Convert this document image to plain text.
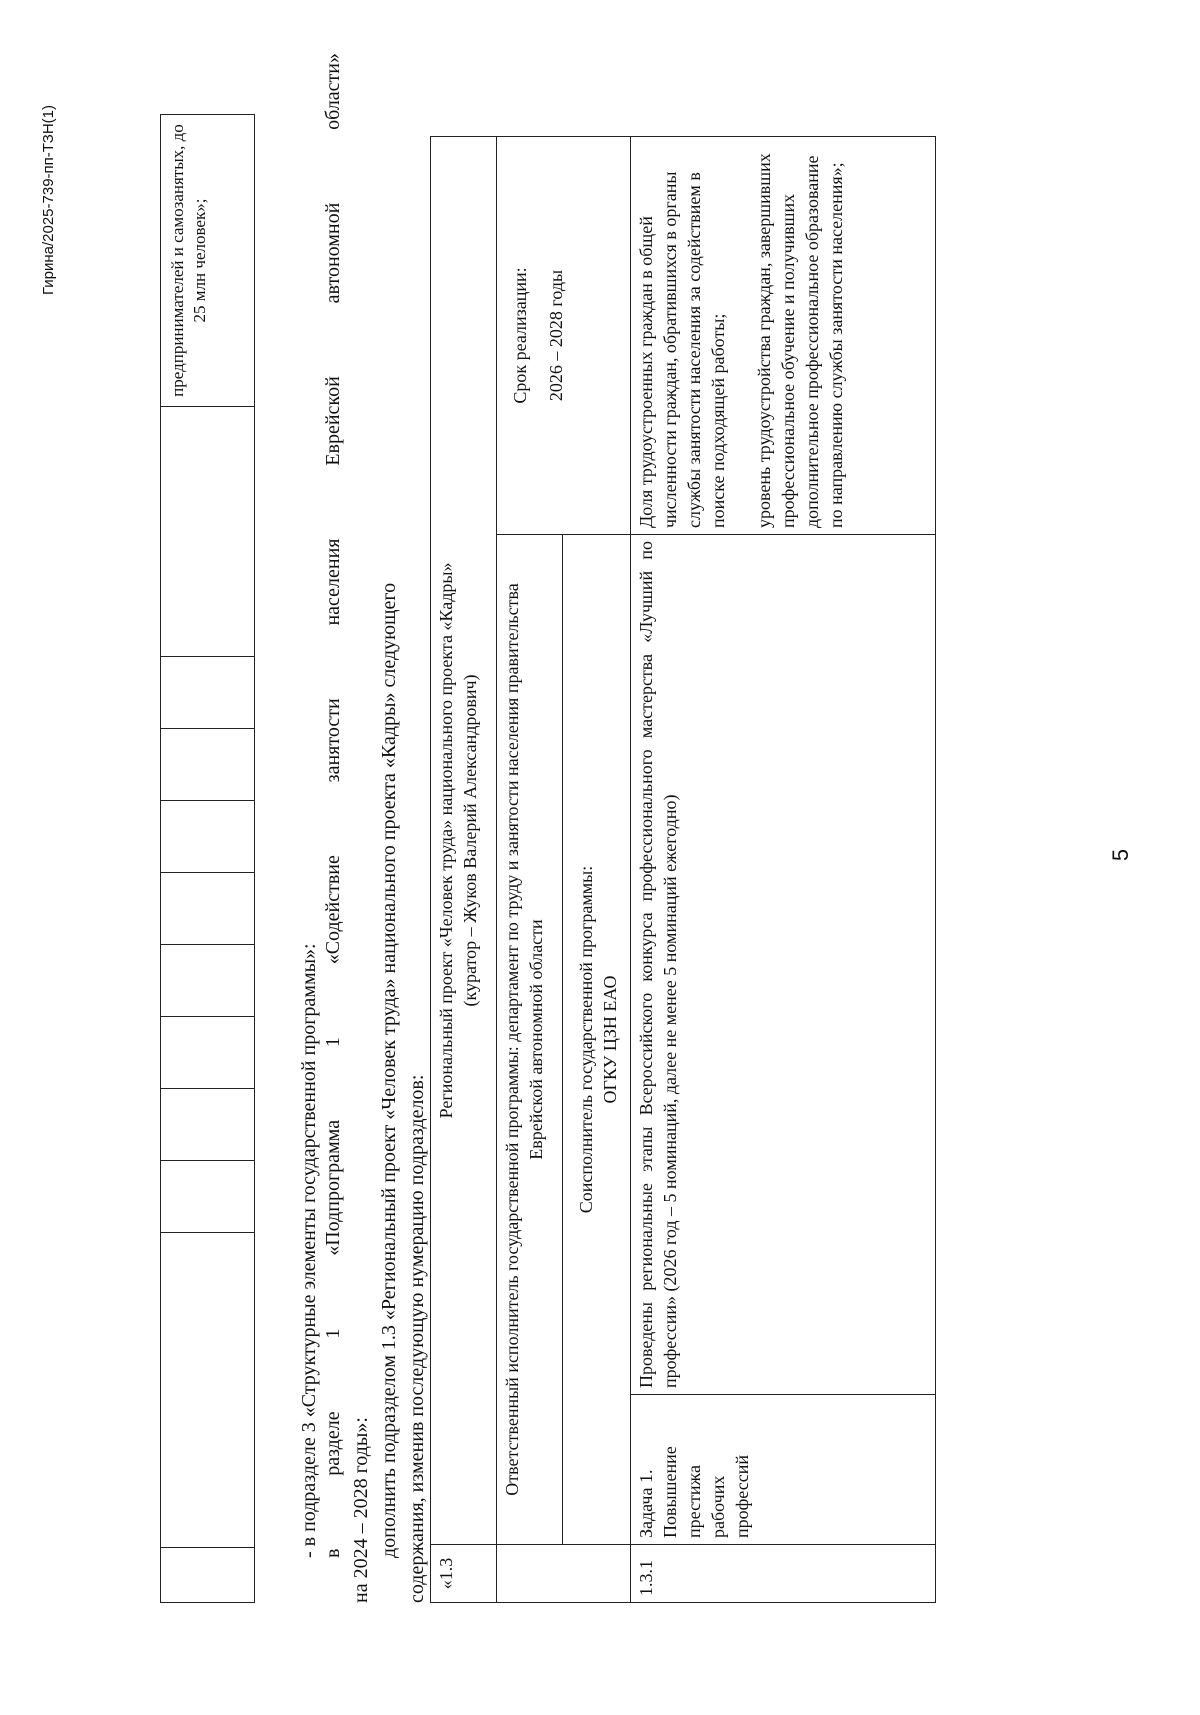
5
											предпринимателей и самозанятых, до 25 млн человек»;

- в подразделе 3 «Структурные элементы государственной программы»: в разделе 1 «Подпрограмма 1 «Содействие занятости населения Еврейской автономной области» на 2024 – 2028 годы»: дополнить подразделом 1.3 «Региональный проект «Человек труда» национального проекта «Кадры» следующего содержания, изменив последующую нумерацию подразделов: «1.3	Региональный проект «Человек труда» национального проекта «Кадры» (куратор – Жуков Валерий Александрович)		

	Ответственный исполнитель государственной программы: департамент по труду и занятости населения правительства Еврейской автономной области		Срок реализации: 2026 – 2028 годы

	Соисполнитель государственной программы: ОГКУ ЦЗН ЕАО		

1.3.1	Задача 1. Повышение престижа рабочих профессий	Проведены региональные этапы Всероссийского конкурса профессионального мастерства «Лучший по профессии» (2026 год – 5 номинаций, далее не менее 5 номинаций ежегодно)	Доля трудоустроенных граждан в общей численности граждан, обратившихся в органы службы занятости населения за содействием в поиске подходящей работы; уровень трудоустройства граждан, завершивших профессиональное обучение и получивших дополнительное профессиональное образование по направлению службы занятости населения»;
Гирина/2025-739-пп-ТЗН(1)
